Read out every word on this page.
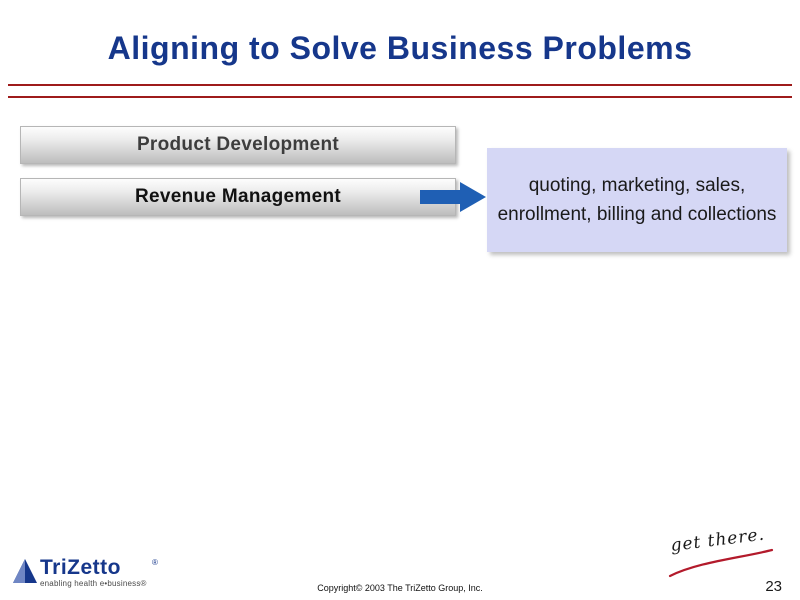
Aligning to Solve Business Problems
Product Development
Revenue Management
quoting, marketing, sales, enrollment, billing and collections
TriZetto	®
enabling health e•business®
get there.
Copyright© 2003 The TriZetto Group, Inc.	23
